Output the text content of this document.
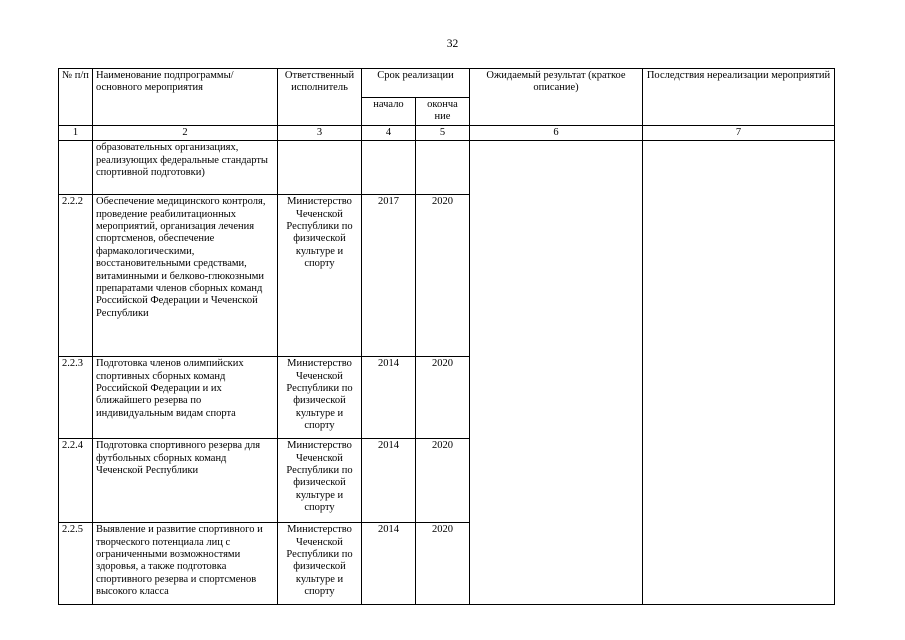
32
№ п/п	Наименование подпрограммы/ основного мероприятия	Ответственный исполнитель	Срок реализации		Ожидаемый результат (краткое описание)	Последствия нереализации мероприятий
			начало	оконча ние		
1	2	3	4	5	6	7
	образовательных организациях, реализующих федеральные стандарты спортивной подготовки)					
2.2.2	Обеспечение медицинского контроля, проведение реабилитационных мероприятий, организация лечения спортсменов, обеспечение фармакологическими, восстановительными средствами, витаминными и белково-глюкозными препаратами членов сборных команд Российской Федерации и Чеченской Республики	Министерство Чеченской Республики по физической культуре и спорту	2017	2020		
2.2.3	Подготовка членов олимпийских спортивных сборных команд Российской Федерации и их ближайшего резерва по индивидуальным видам спорта	Министерство Чеченской Республики по физической культуре и спорту	2014	2020		
2.2.4	Подготовка спортивного резерва для футбольных сборных команд Чеченской Республики	Министерство Чеченской Республики по физической культуре и спорту	2014	2020		
2.2.5	Выявление и развитие спортивного и творческого потенциала лиц с ограниченными возможностями здоровья, а также подготовка спортивного резерва и спортсменов высокого класса	Министерство Чеченской Республики по физической культуре и спорту	2014	2020		
